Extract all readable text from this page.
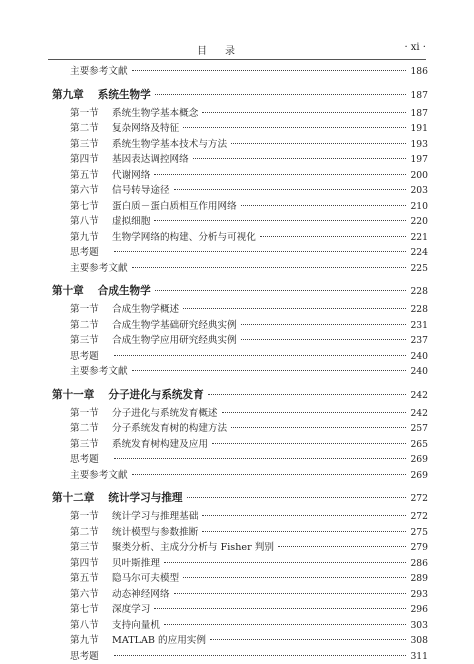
目录	· xi ·
主要参考文献	186
第九章 系统生物学	187
第一节	系统生物学基本概念	187
第二节	复杂网络及特征	191
第三节	系统生物学基本技术与方法	193
第四节	基因表达调控网络	197
第五节	代谢网络	200
第六节	信号转导途径	203
第七节	蛋白质－蛋白质相互作用网络	210
第八节	虚拟细胞	220
第九节	生物学网络的构建、分析与可视化	221
思考题	224
主要参考文献	225
第十章 合成生物学	228
第一节	合成生物学概述	228
第二节	合成生物学基础研究经典实例	231
第三节	合成生物学应用研究经典实例	237
思考题	240
主要参考文献	240
第十一章 分子进化与系统发育	242
第一节	分子进化与系统发育概述	242
第二节	分子系统发育树的构建方法	257
第三节	系统发育树构建及应用	265
思考题	269
主要参考文献	269
第十二章 统计学习与推理	272
第一节	统计学习与推理基础	272
第二节	统计模型与参数推断	275
第三节	聚类分析、主成分分析与 Fisher 判别	279
第四节	贝叶斯推理	286
第五节	隐马尔可夫模型	289
第六节	动态神经网络	293
第七节	深度学习	296
第八节	支持向量机	303
第九节	MATLAB 的应用实例	308
思考题	311
